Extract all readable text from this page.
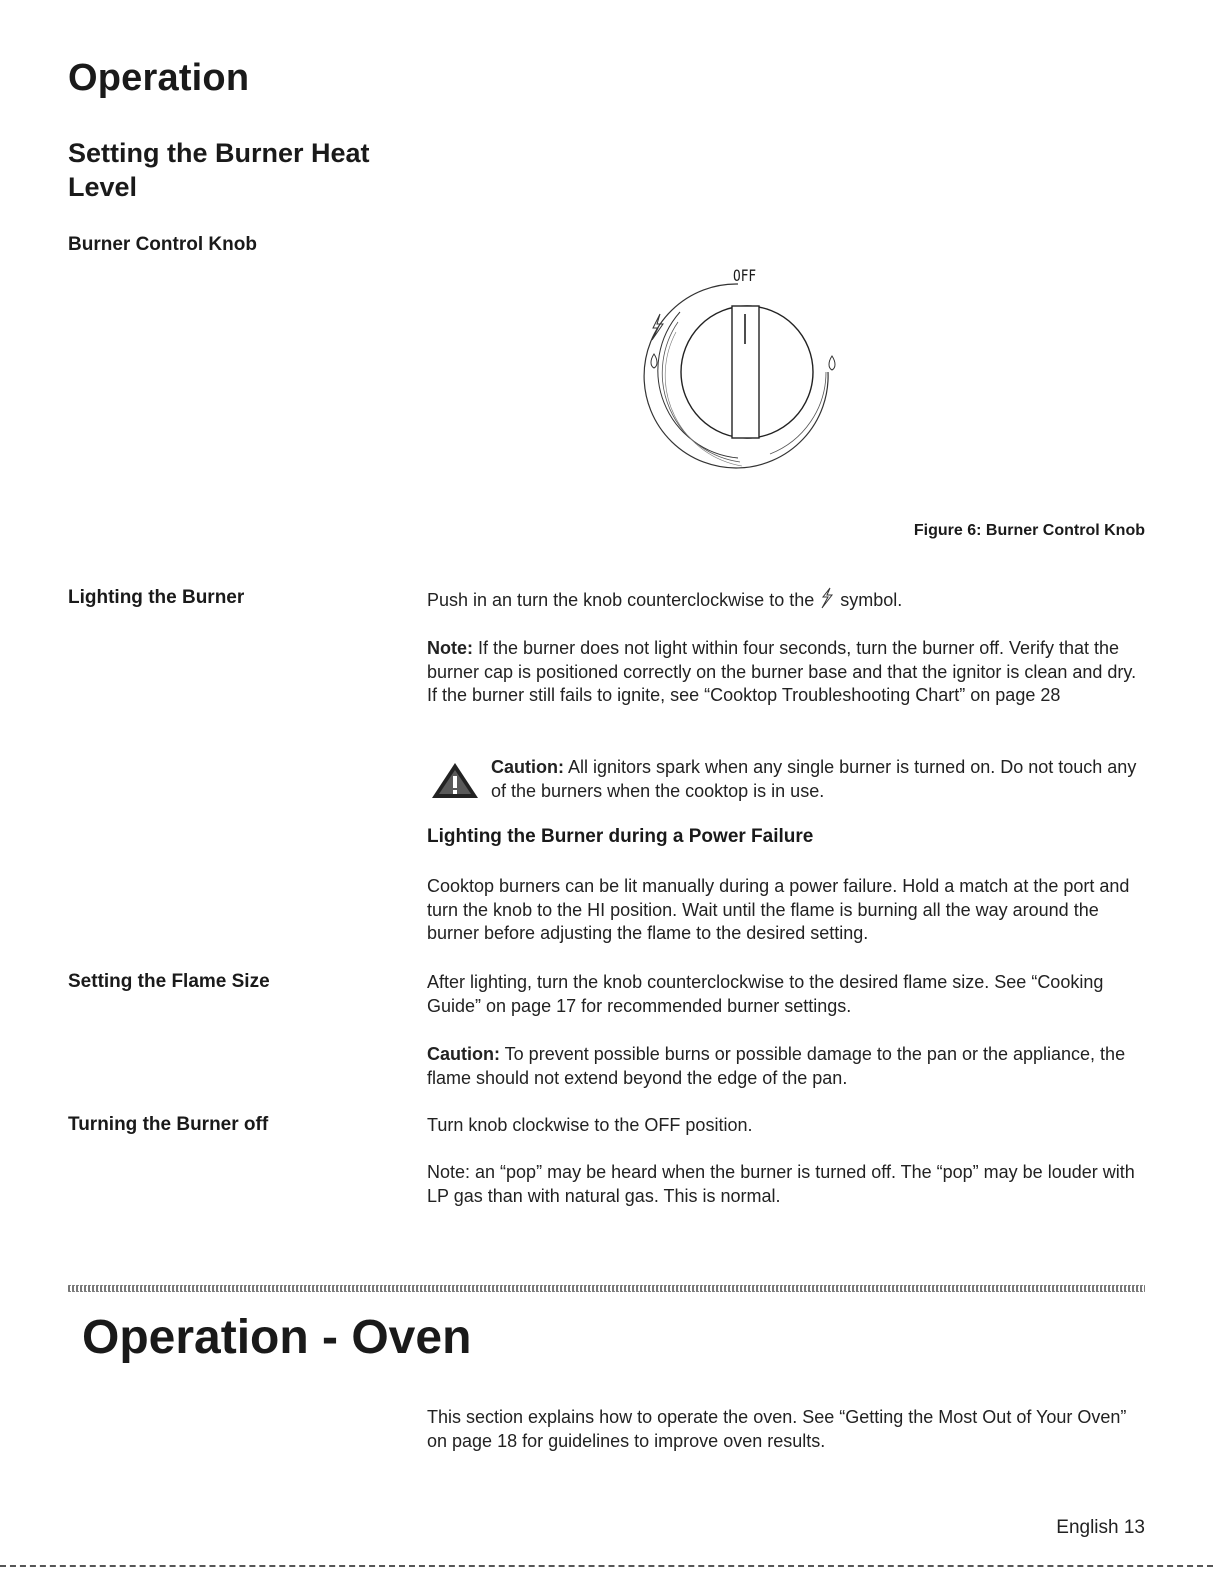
Operation
Setting the Burner Heat
Level
Burner Control Knob
OFF

Figure 6: Burner Control Knob

Lighting the Burner	Push in an turn the knob counterclockwise to the symbol.

Note: If the burner does not light within four seconds, turn the burner off. Verify that the burner cap is positioned correctly on the burner base and that the ignitor is clean and dry. If the burner still fails to ignite, see “Cooktop Troubleshooting Chart” on page 28

Caution: All ignitors spark when any single burner is turned on. Do not touch any of the burners when the cooktop is in use.

Lighting the Burner during a Power Failure

Cooktop burners can be lit manually during a power failure. Hold a match at the port and turn the knob to the HI position. Wait until the flame is burning all the way around the burner before adjusting the flame to the desired setting.

Setting the Flame Size	After lighting, turn the knob counterclockwise to the desired flame size. See “Cooking Guide” on page 17 for recommended burner settings.

Caution: To prevent possible burns or possible damage to the pan or the appliance, the flame should not extend beyond the edge of the pan.

Turning the Burner off	Turn knob clockwise to the OFF position.

Note: an “pop” may be heard when the burner is turned off. The “pop” may be louder with LP gas than with natural gas. This is normal.

Operation - Oven

This section explains how to operate the oven. See “Getting the Most Out of Your Oven” on page 18 for guidelines to improve oven results.

English 13
